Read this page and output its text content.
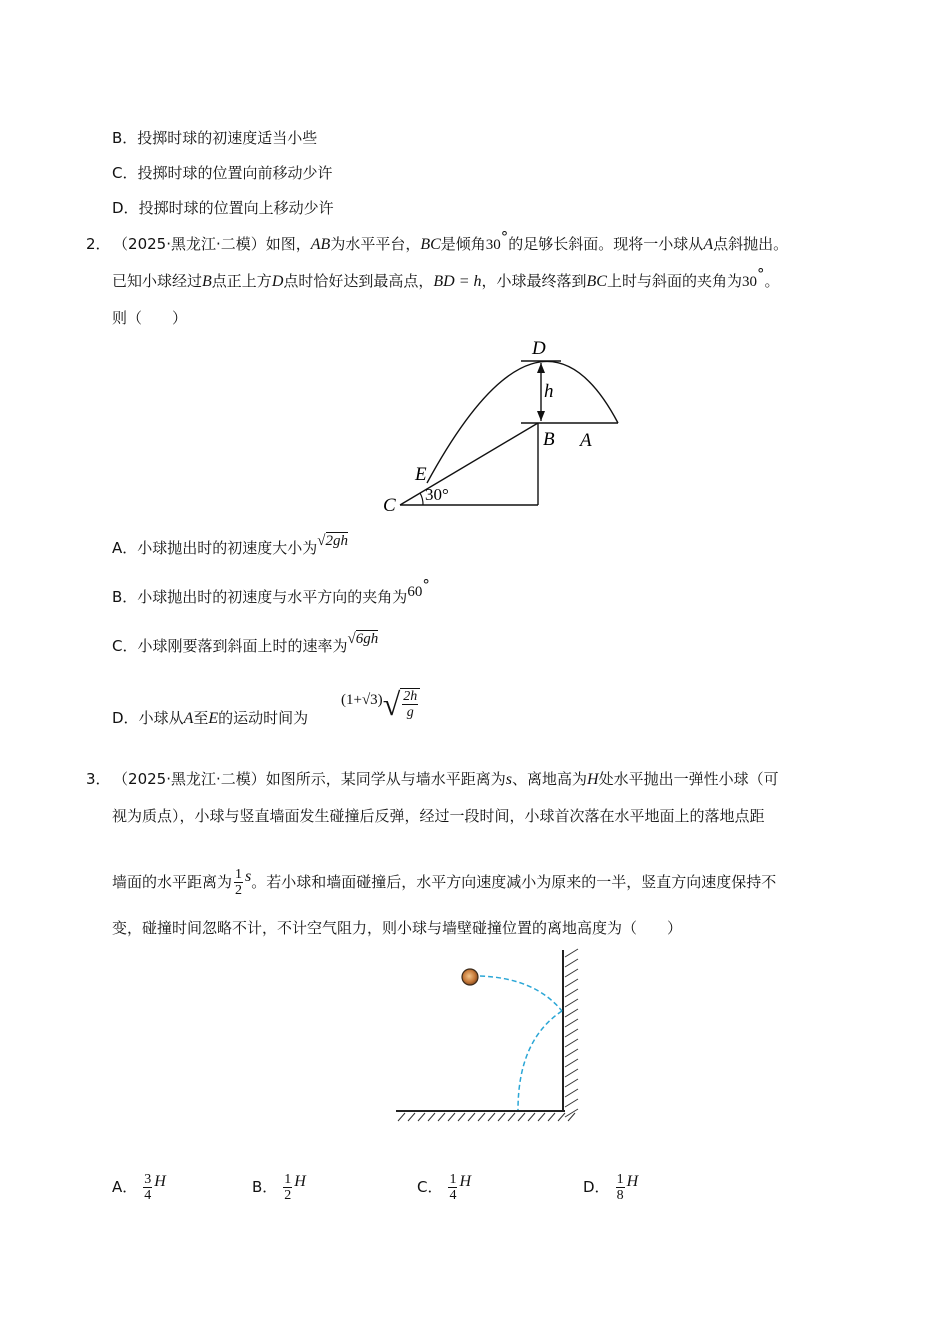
B．投掷时球的初速度适当小些
C．投掷时球的位置向前移动少许
D．投掷时球的位置向上移动少许
2． （2025·黑龙江·二模）如图，AB为水平平台，BC是倾角30°的足够长斜面。现将一小球从A点斜抛出。
已知小球经过B点正上方D点时恰好达到最高点，BD = h，小球最终落到BC上时与斜面的夹角为30°。
则（　　）
D
h
B A
E
C
30°
A．小球抛出时的初速度大小为√2gh
B．小球抛出时的初速度与水平方向的夹角为60°
C．小球刚要落到斜面上时的速率为√6gh
D．小球从A至E的运动时间为
$(1+√3)√ \frac{2h}{g}$
3． （2025·黑龙江·二模）如图所示，某同学从与墙水平距离为s、离地高为H处水平抛出一弹性小球（可
视为质点），小球与竖直墙面发生碰撞后反弹，经过一段时间，小球首次落在水平地面上的落地点距
墙面的水平距离为 $\frac{1}{2}$ s。若小球和墙面碰撞后，水平方向速度减小为原来的一半，竖直方向速度保持不
变，碰撞时间忽略不计，不计空气阻力，则小球与墙壁碰撞位置的离地高度为（　　）
A． $\frac{3}{4}$ H	B． $\frac{1}{2}$ H	C． $\frac{1}{4}$ H	D． $\frac{1}{8}$ H
